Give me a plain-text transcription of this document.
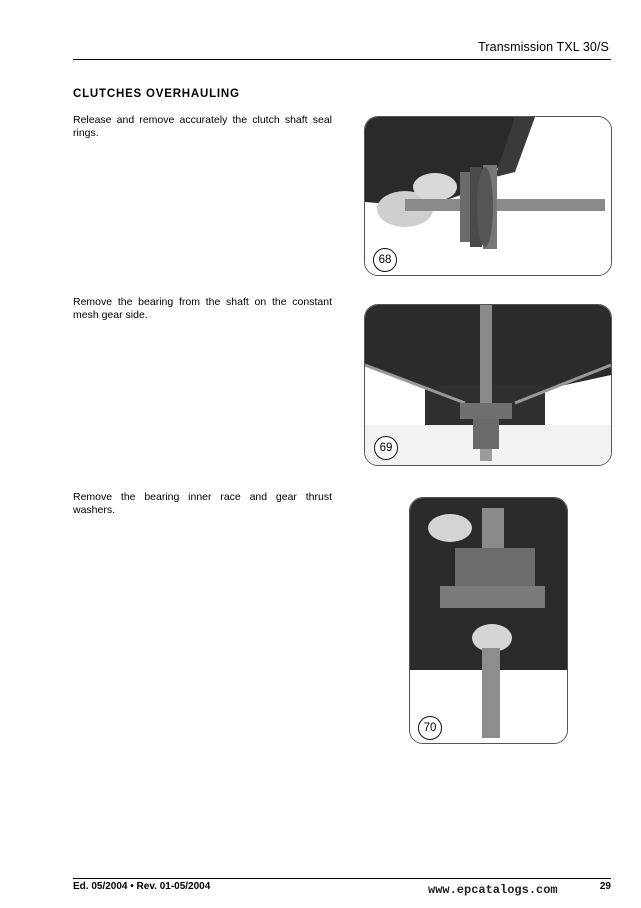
Transmission TXL 30/S
CLUTCHES OVERHAULING
Release and remove accurately the clutch shaft seal rings.
68
Remove the bearing from the shaft on the constant mesh gear side.
69
Remove the bearing inner race and gear thrust washers.
70
Ed. 05/2004 • Rev. 01-05/2004	www.epcatalogs.com	29
